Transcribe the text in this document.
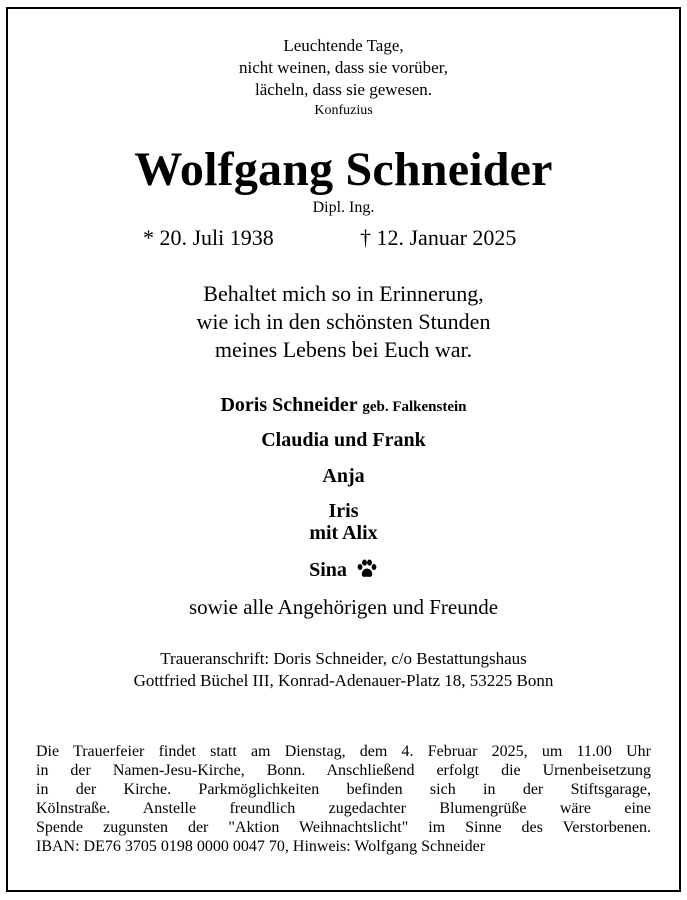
Leuchtende Tage,
nicht weinen, dass sie vorüber,
lächeln, dass sie gewesen.
Konfuzius
Wolfgang Schneider
Dipl. Ing.
* 20. Juli 1938	† 12. Januar 2025
Behaltet mich so in Erinnerung,
wie ich in den schönsten Stunden
meines Lebens bei Euch war.
Doris Schneider geb. Falkenstein
Claudia und Frank
Anja
Iris
mit Alix
Sina
sowie alle Angehörigen und Freunde
Traueranschrift: Doris Schneider, c/o Bestattungshaus
Gottfried Büchel III, Konrad-Adenauer-Platz 18, 53225 Bonn
Die Trauerfeier findet statt am Dienstag, dem 4. Februar 2025, um 11.00 Uhr
in der Namen-Jesu-Kirche, Bonn. Anschließend erfolgt die Urnenbeisetzung
in der Kirche. Parkmöglichkeiten befinden sich in der Stiftsgarage,
Kölnstraße. Anstelle freundlich zugedachter Blumengrüße wäre eine
Spende zugunsten der "Aktion Weihnachtslicht" im Sinne des Verstorbenen.
IBAN: DE76 3705 0198 0000 0047 70, Hinweis: Wolfgang Schneider
